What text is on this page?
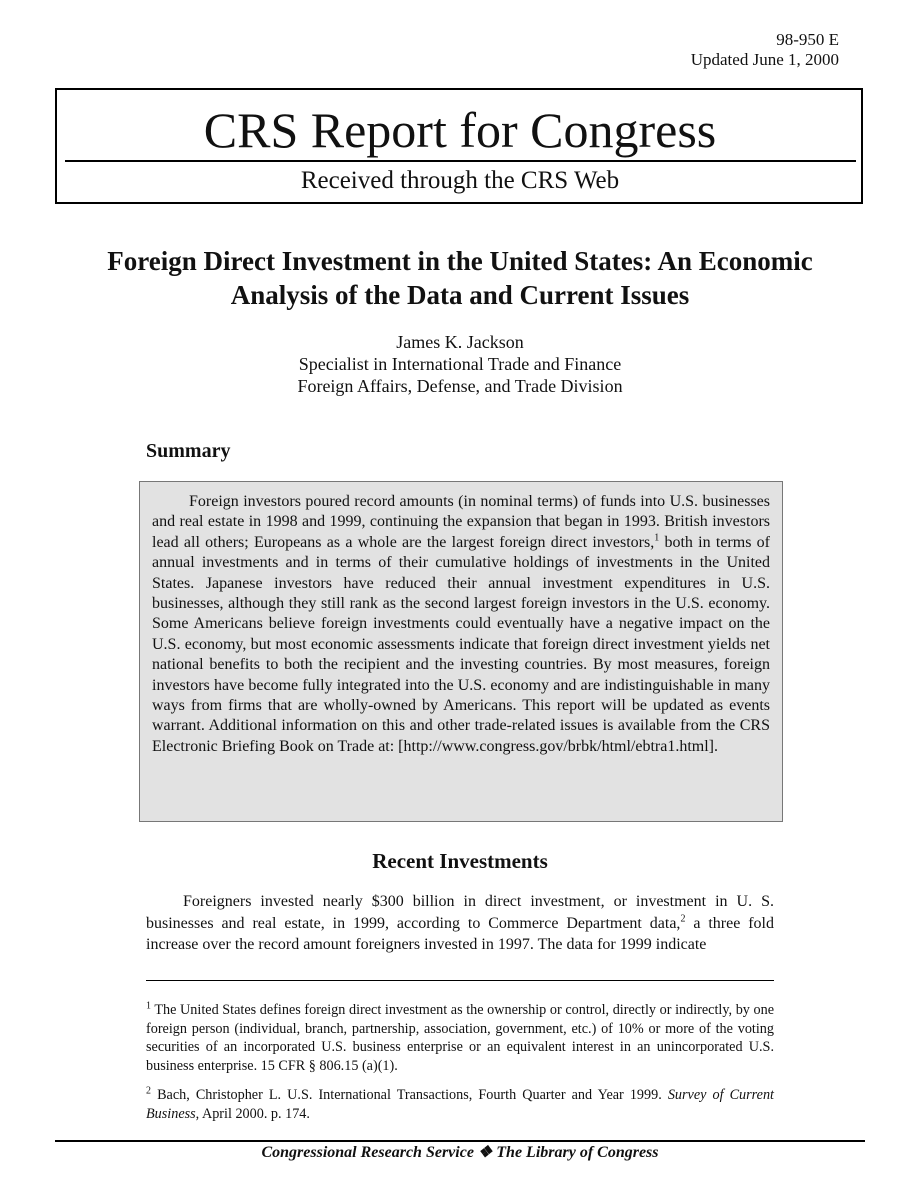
98-950 E
Updated June 1, 2000
CRS Report for Congress
Received through the CRS Web
Foreign Direct Investment in the United States: An Economic Analysis of the Data and Current Issues
James K. Jackson
Specialist in International Trade and Finance
Foreign Affairs, Defense, and Trade Division
Summary

Foreign investors poured record amounts (in nominal terms) of funds into U.S. businesses and real estate in 1998 and 1999, continuing the expansion that began in 1993. British investors lead all others; Europeans as a whole are the largest foreign direct investors,$^1$ both in terms of annual investments and in terms of their cumulative holdings of investments in the United States. Japanese investors have reduced their annual investment expenditures in U.S. businesses, although they still rank as the second largest foreign investors in the U.S. economy. Some Americans believe foreign investments could eventually have a negative impact on the U.S. economy, but most economic assessments indicate that foreign direct investment yields net national benefits to both the recipient and the investing countries. By most measures, foreign investors have become fully integrated into the U.S. economy and are indistinguishable in many ways from firms that are wholly-owned by Americans. This report will be updated as events warrant. Additional information on this and other trade-related issues is available from the CRS Electronic Briefing Book on Trade at: [http://www.congress.gov/brbk/html/ebtra1.html].

Recent Investments

Foreigners invested nearly $300 billion in direct investment, or investment in U. S. businesses and real estate, in 1999, according to Commerce Department data,$^2$ a three fold increase over the record amount foreigners invested in 1997. The data for 1999 indicate

$^1$ The United States defines foreign direct investment as the ownership or control, directly or indirectly, by one foreign person (individual, branch, partnership, association, government, etc.) of 10% or more of the voting securities of an incorporated U.S. business enterprise or an equivalent interest in an unincorporated U.S. business enterprise. 15 CFR § 806.15 (a)(1).

$^2$ Bach, Christopher L. U.S. International Transactions, Fourth Quarter and Year 1999. Survey of Current Business, April 2000. p. 174.

Congressional Research Service ❖ The Library of Congress
